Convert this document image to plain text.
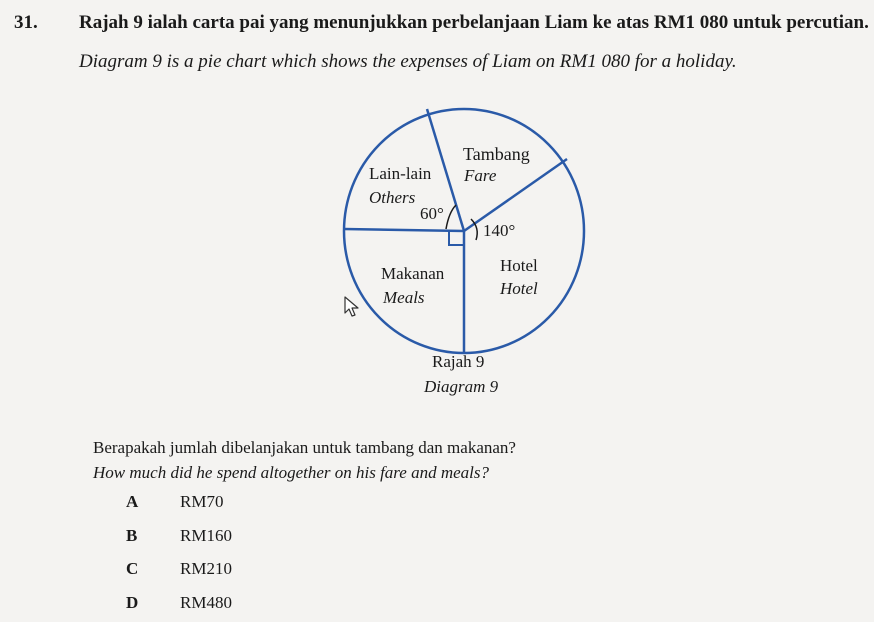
31. Rajah 9 ialah carta pai yang menunjukkan perbelanjaan Liam ke atas RM1 080 untuk percutian.
Diagram 9 is a pie chart which shows the expenses of Liam on RM1 080 for a holiday.
Tambang
Fare
Lain-lain
Others
60°
140°
Makanan
Meals
Hotel
Hotel
Rajah 9
Diagram 9
Berapakah jumlah dibelanjakan untuk tambang dan makanan?
How much did he spend altogether on his fare and meals?
A	RM70
B	RM160
C	RM210
D	RM480
